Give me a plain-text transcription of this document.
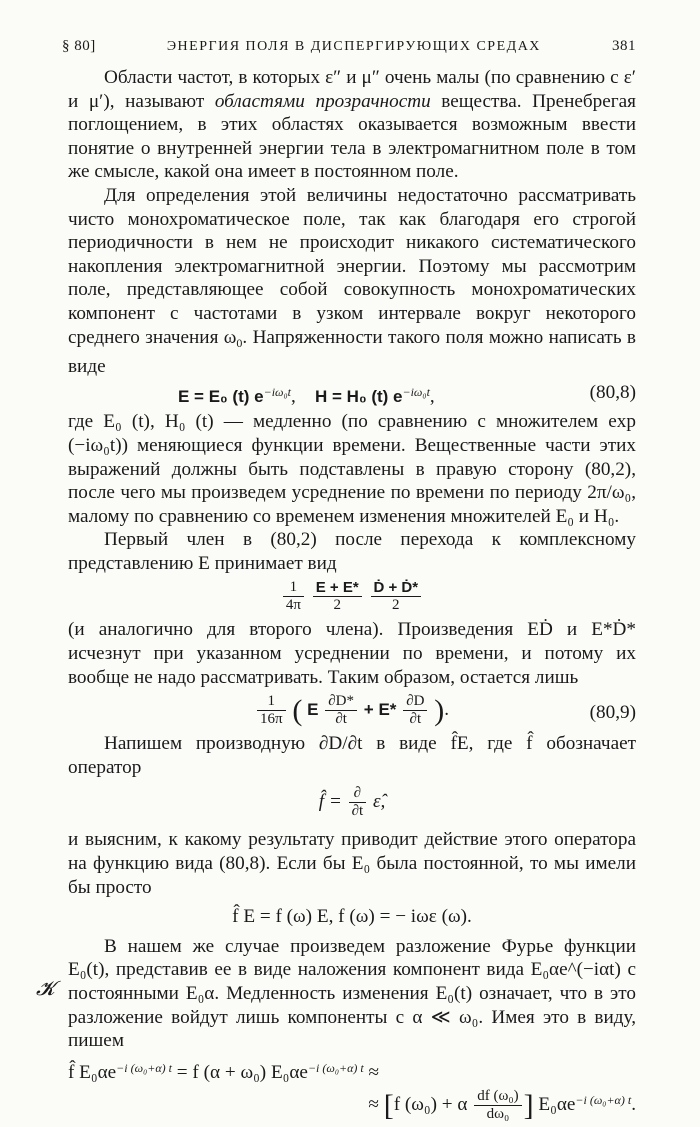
§ 80]	ЭНЕРГИЯ ПОЛЯ В ДИСПЕРГИРУЮЩИХ СРЕДАХ	381

Области частот, в которых ε″ и μ″ очень малы (по сравнению с ε′ и μ′), называют областями прозрачности вещества. Пренебрегая поглощением, в этих областях оказывается возможным ввести понятие о внутренней энергии тела в электромагнитном поле в том же смысле, какой она имеет в постоянном поле.

Для определения этой величины недостаточно рассматривать чисто монохроматическое поле, так как благодаря его строгой периодичности в нем не происходит никакого систематического накопления электромагнитной энергии. Поэтому мы рассмотрим поле, представляющее собой совокупность монохроматических компонент с частотами в узком интервале вокруг некоторого среднего значения $\omega_0$. Напряженности такого поля можно написать в виде

E = E₀ (t) $e^{-i\omega_0t}$,    H = H₀ (t) $e^{-i\omega_0t}$,	(80,8)

где E₀ (t), H₀ (t) — медленно (по сравнению с множителем exp (−iω₀t)) меняющиеся функции времени. Вещественные части этих выражений должны быть подставлены в правую сторону (80,2), после чего мы произведем усреднение по времени по периоду 2π/ω₀, малому по сравнению со временем изменения множителей E₀ и H₀.

Первый член в (80,2) после перехода к комплексному представлению E принимает вид

$\frac{1}{4\pi}$
$\frac{E + E*}{2}$
$\frac{\text{Ḋ + Ḋ*}}{2}$

(и аналогично для второго члена). Произведения EḊ и E*Ḋ* исчезнут при указанном усреднении по времени, и потому их вообще не надо рассматривать. Таким образом, остается лишь

$\frac{1}{16\pi}$ ( E $\frac{\partial D*}{\partial t} + E* \frac{\partial D}{\partial t}$ ).	(80,9)

Напишем производную ∂D/∂t в виде f̂E, где f̂ обозначает оператор

f̂ = $\frac{\partial}{\partial t}$ ε̂,

и выясним, к какому результату приводит действие этого оператора на функцию вида (80,8). Если бы E₀ была постоянной, то мы имели бы просто

f̂ E = f (ω) E, f (ω) = − iωε (ω).

В нашем же случае произведем разложение Фурье функции E₀(t), представив ее в виде наложения компонент вида E₀αe^(−iαt) с постоянными E₀α. Медленность изменения E₀(t) означает, что в это разложение войдут лишь компоненты с α ≪ ω₀. Имея это в виду, пишем

f̂ $E_0\alpha e^{-i (\omega_0+\alpha) t} = f$ (α + ω₀) $E_0\alpha e^{-i (\omega_0+\alpha) t}$ ≈
≈ [f (ω₀) + α $\frac{\text{df (ω₀)}}{\text{dω₀}}$ ] $E_0\alpha e^{-i (\omega_0+\alpha) t}$.
𝓚
